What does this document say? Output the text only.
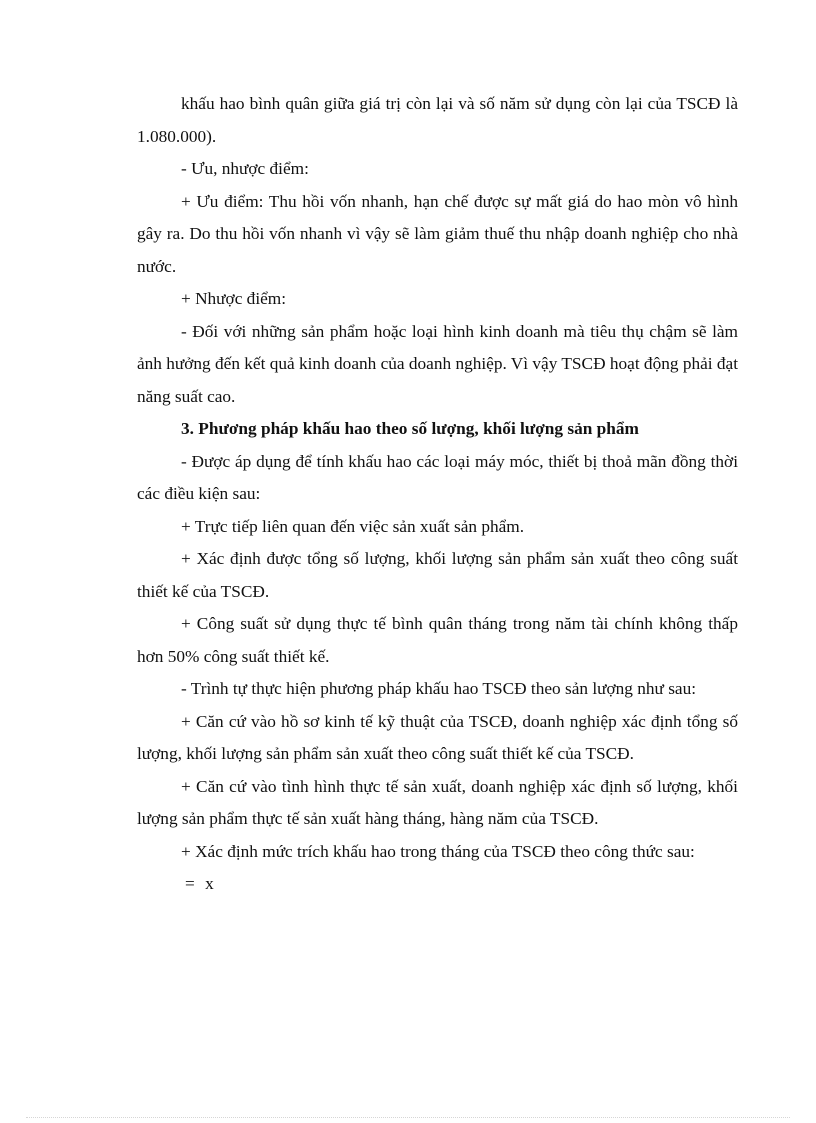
khấu hao bình quân giữa giá trị còn lại và số năm sử dụng còn lại của TSCĐ là 1.080.000).

- Ưu, nhược điểm:

+ Ưu điểm: Thu hồi vốn nhanh, hạn chế được sự mất giá do hao mòn vô hình gây ra. Do thu hồi vốn nhanh vì vậy sẽ làm giảm thuế thu nhập doanh nghiệp cho nhà nước.

+ Nhược điểm:

- Đối với những sản phẩm hoặc loại hình kinh doanh mà tiêu thụ chậm sẽ làm ảnh hưởng đến kết quả kinh doanh của doanh nghiệp. Vì vậy TSCĐ hoạt động phải đạt năng suất cao.

3. Phương pháp khấu hao theo số lượng, khối lượng sản phẩm

- Được áp dụng để tính khấu hao các loại máy móc, thiết bị thoả mãn đồng thời các điều kiện sau:

+ Trực tiếp liên quan đến việc sản xuất sản phẩm.

+ Xác định được tổng số lượng, khối lượng sản phẩm sản xuất theo công suất thiết kế của TSCĐ.

+ Công suất sử dụng thực tế bình quân tháng trong năm tài chính không thấp hơn 50% công suất thiết kế.

- Trình tự thực hiện phương pháp khấu hao TSCĐ theo sản lượng như sau:

+ Căn cứ vào hồ sơ kinh tế kỹ thuật của TSCĐ, doanh nghiệp xác định tổng số lượng, khối lượng sản phẩm sản xuất theo công suất thiết kế của TSCĐ.

+ Căn cứ vào tình hình thực tế sản xuất, doanh nghiệp xác định số lượng, khối lượng sản phẩm thực tế sản xuất hàng tháng, hàng năm của TSCĐ.

+ Xác định mức trích khấu hao trong tháng của TSCĐ theo công thức sau:

= x
